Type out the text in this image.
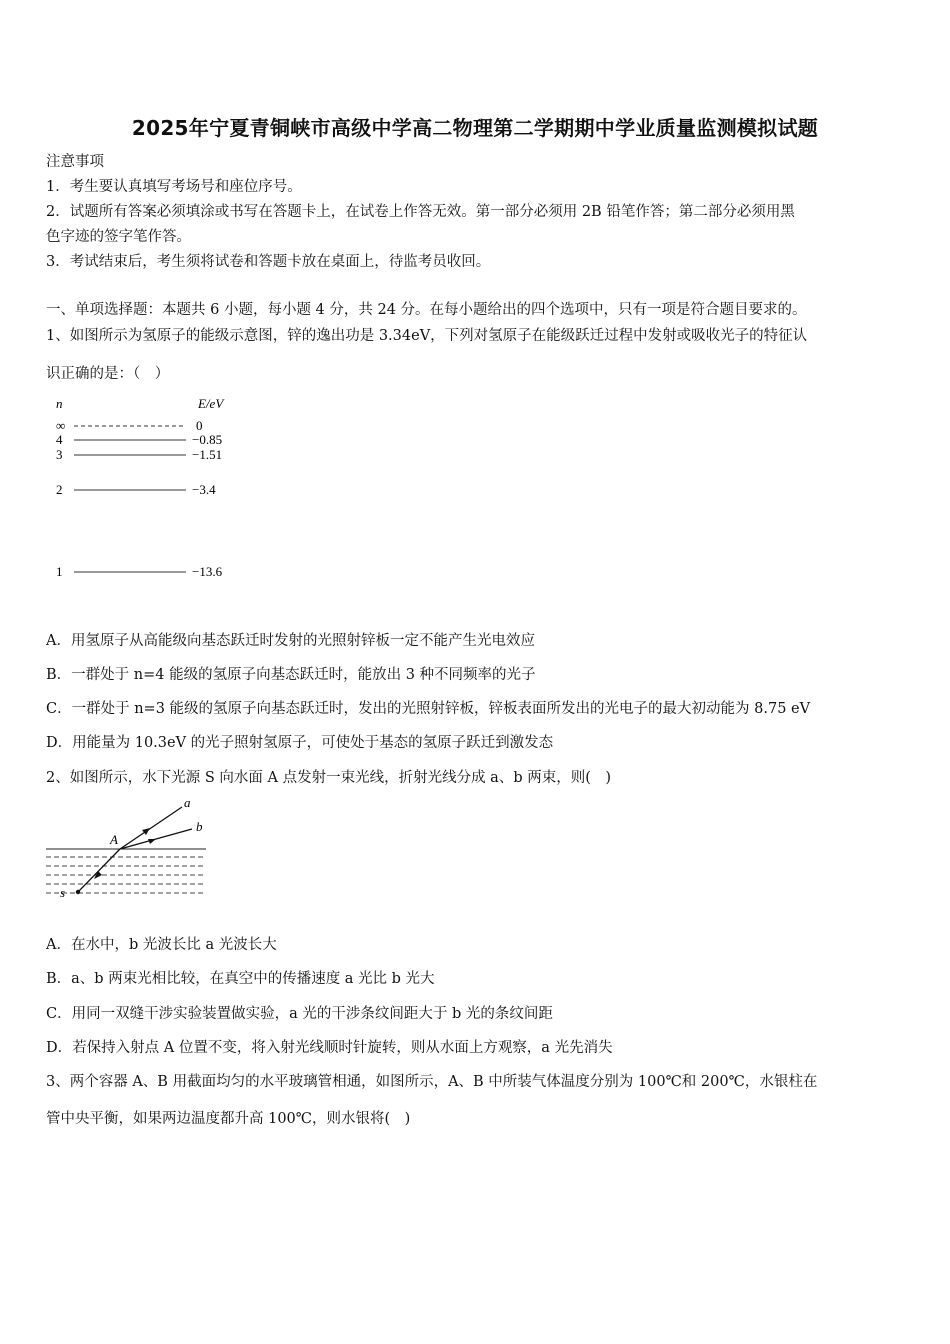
2025年宁夏青铜峡市高级中学高二物理第二学期期中学业质量监测模拟试题
注意事项
1．考生要认真填写考场号和座位序号。
2．试题所有答案必须填涂或书写在答题卡上，在试卷上作答无效。第一部分必须用 2B 铅笔作答；第二部分必须用黑
色字迹的签字笔作答。
3．考试结束后，考生须将试卷和答题卡放在桌面上，待监考员收回。
一、单项选择题：本题共 6 小题，每小题 4 分，共 24 分。在每小题给出的四个选项中，只有一项是符合题目要求的。
1、如图所示为氢原子的能级示意图，锌的逸出功是 3.34eV，下列对氢原子在能级跃迁过程中发射或吸收光子的特征认
识正确的是：（　）
n	E/eV
∞	0
4	−0.85
3	−1.51
2	−3.4
1	−13.6
A．用氢原子从高能级向基态跃迁时发射的光照射锌板一定不能产生光电效应
B．一群处于 n=4 能级的氢原子向基态跃迁时，能放出 3 种不同频率的光子
C．一群处于 n=3 能级的氢原子向基态跃迁时，发出的光照射锌板，锌板表面所发出的光电子的最大初动能为 8.75 eV
D．用能量为 10.3eV 的光子照射氢原子，可使处于基态的氢原子跃迁到激发态
2、如图所示，水下光源 S 向水面 A 点发射一束光线，折射光线分成 a、b 两束，则(　)
a
b
A
s
A．在水中，b 光波长比 a 光波长大
B．a、b 两束光相比较，在真空中的传播速度 a 光比 b 光大
C．用同一双缝干涉实验装置做实验，a 光的干涉条纹间距大于 b 光的条纹间距
D．若保持入射点 A 位置不变，将入射光线顺时针旋转，则从水面上方观察，a 光先消失
3、两个容器 A、B 用截面均匀的水平玻璃管相通，如图所示，A、B 中所装气体温度分别为 100℃和 200℃，水银柱在
管中央平衡，如果两边温度都升高 100℃，则水银将(　)
